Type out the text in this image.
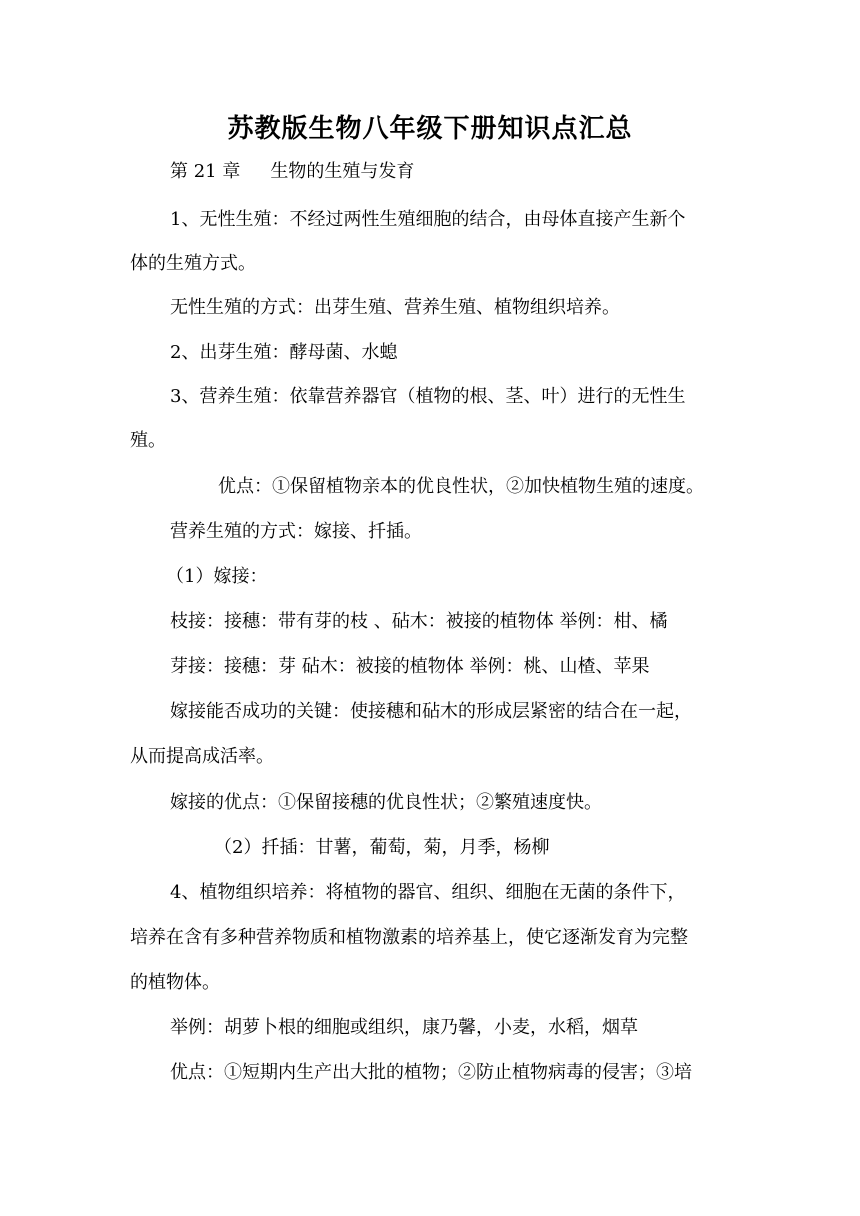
苏教版生物八年级下册知识点汇总
第 21 章 生物的生殖与发育
1、无性生殖：不经过两性生殖细胞的结合，由母体直接产生新个
体的生殖方式。
无性生殖的方式：出芽生殖、营养生殖、植物组织培养。
2、出芽生殖：酵母菌、水螅
3、营养生殖：依靠营养器官（植物的根、茎、叶）进行的无性生
殖。
优点：①保留植物亲本的优良性状，②加快植物生殖的速度。
营养生殖的方式：嫁接、扦插。
（1）嫁接：
枝接：接穗：带有芽的枝 、砧木：被接的植物体 举例：柑、橘
芽接：接穗：芽 砧木：被接的植物体 举例：桃、山楂、苹果
嫁接能否成功的关键：使接穗和砧木的形成层紧密的结合在一起，
从而提高成活率。
嫁接的优点：①保留接穗的优良性状；②繁殖速度快。
（2）扦插：甘薯，葡萄，菊，月季，杨柳
4、植物组织培养：将植物的器官、组织、细胞在无菌的条件下，
培养在含有多种营养物质和植物激素的培养基上，使它逐渐发育为完整
的植物体。
举例：胡萝卜根的细胞或组织，康乃馨，小麦，水稻，烟草
优点：①短期内生产出大批的植物；②防止植物病毒的侵害；③培
